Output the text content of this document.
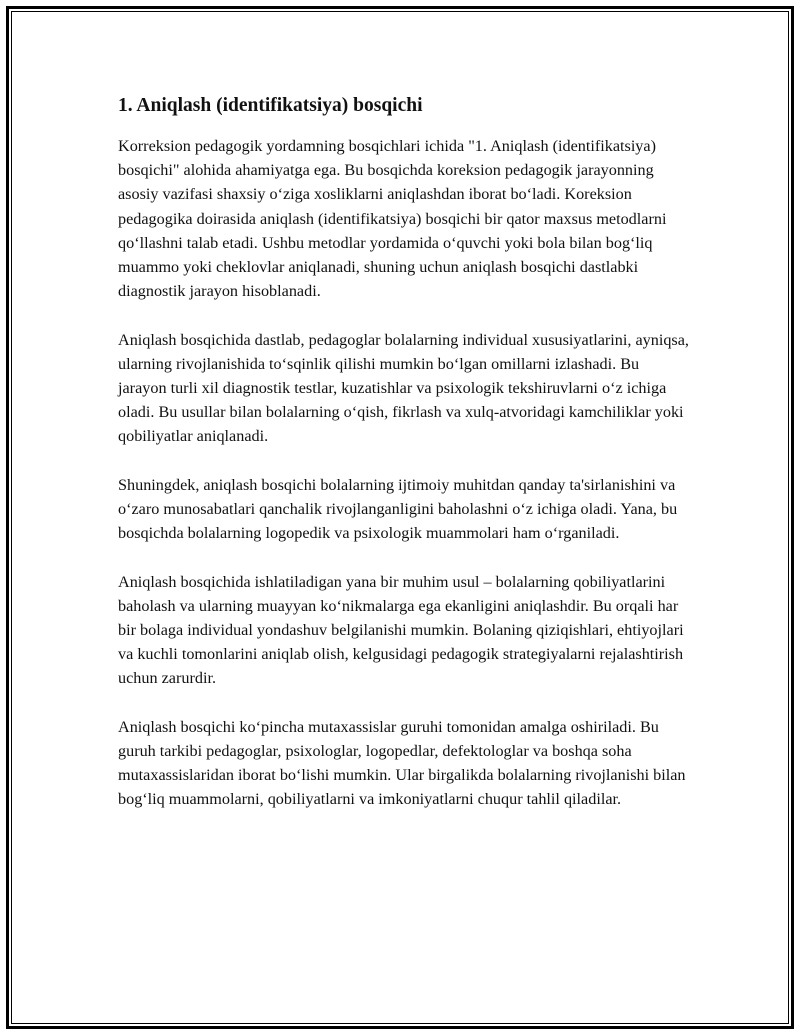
1. Aniqlash (identifikatsiya) bosqichi

Korreksion pedagogik yordamning bosqichlari ichida "1. Aniqlash (identifikatsiya) bosqichi" alohida ahamiyatga ega. Bu bosqichda koreksion pedagogik jarayonning asosiy vazifasi shaxsiy o‘ziga xosliklarni aniqlashdan iborat bo‘ladi. Koreksion pedagogika doirasida aniqlash (identifikatsiya) bosqichi bir qator maxsus metodlarni qo‘llashni talab etadi. Ushbu metodlar yordamida o‘quvchi yoki bola bilan bog‘liq muammo yoki cheklovlar aniqlanadi, shuning uchun aniqlash bosqichi dastlabki diagnostik jarayon hisoblanadi.

Aniqlash bosqichida dastlab, pedagoglar bolalarning individual xususiyatlarini, ayniqsa, ularning rivojlanishida to‘sqinlik qilishi mumkin bo‘lgan omillarni izlashadi. Bu jarayon turli xil diagnostik testlar, kuzatishlar va psixologik tekshiruvlarni o‘z ichiga oladi. Bu usullar bilan bolalarning o‘qish, fikrlash va xulq-atvoridagi kamchiliklar yoki qobiliyatlar aniqlanadi.

Shuningdek, aniqlash bosqichi bolalarning ijtimoiy muhitdan qanday ta'sirlanishini va o‘zaro munosabatlari qanchalik rivojlanganligini baholashni o‘z ichiga oladi. Yana, bu bosqichda bolalarning logopedik va psixologik muammolari ham o‘rganiladi.

Aniqlash bosqichida ishlatiladigan yana bir muhim usul – bolalarning qobiliyatlarini baholash va ularning muayyan ko‘nikmalarga ega ekanligini aniqlashdir. Bu orqali har bir bolaga individual yondashuv belgilanishi mumkin. Bolaning qiziqishlari, ehtiyojlari va kuchli tomonlarini aniqlab olish, kelgusidagi pedagogik strategiyalarni rejalashtirish uchun zarurdir.

Aniqlash bosqichi ko‘pincha mutaxassislar guruhi tomonidan amalga oshiriladi. Bu guruh tarkibi pedagoglar, psixologlar, logopedlar, defektologlar va boshqa soha mutaxassislaridan iborat bo‘lishi mumkin. Ular birgalikda bolalarning rivojlanishi bilan bog‘liq muammolarni, qobiliyatlarni va imkoniyatlarni chuqur tahlil qiladilar.
